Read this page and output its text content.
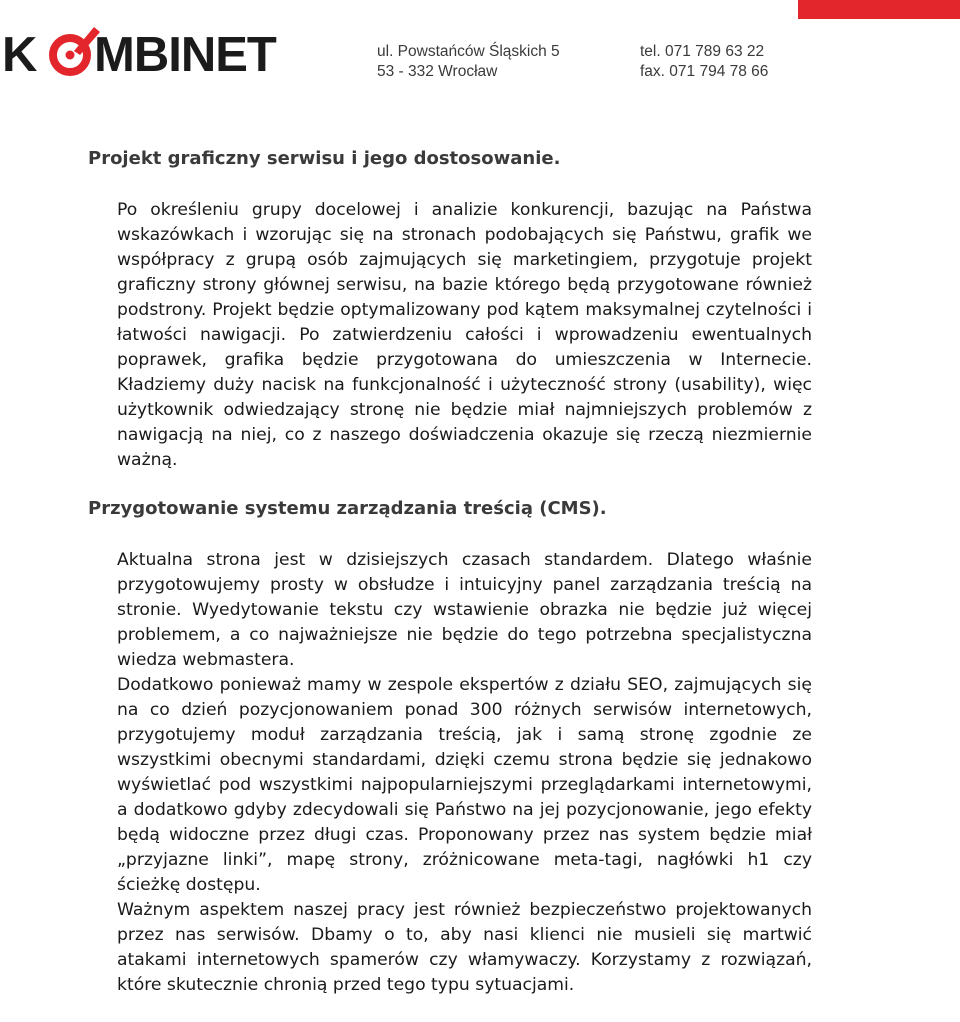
K MBINET	ul. Powstańców Śląskich 5	tel. 071 789 63 22
53 - 332 Wrocław	fax. 071 794 78 66
Projekt graficzny serwisu i jego dostosowanie.

Po określeniu grupy docelowej i analizie konkurencji, bazując na Państwa wskazówkach i wzorując się na stronach podobających się Państwu, grafik we współpracy z grupą osób zajmujących się marketingiem, przygotuje projekt graficzny strony głównej serwisu, na bazie którego będą przygotowane również podstrony. Projekt będzie optymalizowany pod kątem maksymalnej czytelności i łatwości nawigacji. Po zatwierdzeniu całości i wprowadzeniu ewentualnych poprawek, grafika będzie przygotowana do umieszczenia w Internecie. Kładziemy duży nacisk na funkcjonalność i użyteczność strony (usability), więc użytkownik odwiedzający stronę nie będzie miał najmniejszych problemów z nawigacją na niej, co z naszego doświadczenia okazuje się rzeczą niezmiernie ważną.

Przygotowanie systemu zarządzania treścią (CMS).

Aktualna strona jest w dzisiejszych czasach standardem. Dlatego właśnie przygotowujemy prosty w obsłudze i intuicyjny panel zarządzania treścią na stronie. Wyedytowanie tekstu czy wstawienie obrazka nie będzie już więcej problemem, a co najważniejsze nie będzie do tego potrzebna specjalistyczna wiedza webmastera.

Dodatkowo ponieważ mamy w zespole ekspertów z działu SEO, zajmujących się na co dzień pozycjonowaniem ponad 300 różnych serwisów internetowych, przygotujemy moduł zarządzania treścią, jak i samą stronę zgodnie ze wszystkimi obecnymi standardami, dzięki czemu strona będzie się jednakowo wyświetlać pod wszystkimi najpopularniejszymi przeglądarkami internetowymi, a dodatkowo gdyby zdecydowali się Państwo na jej pozycjonowanie, jego efekty będą widoczne przez długi czas. Proponowany przez nas system będzie miał „przyjazne linki”, mapę strony, zróżnicowane meta-tagi, nagłówki h1 czy ścieżkę dostępu.

Ważnym aspektem naszej pracy jest również bezpieczeństwo projektowanych przez nas serwisów. Dbamy o to, aby nasi klienci nie musieli się martwić atakami internetowych spamerów czy włamywaczy. Korzystamy z rozwiązań, które skutecznie chronią przed tego typu sytuacjami.
